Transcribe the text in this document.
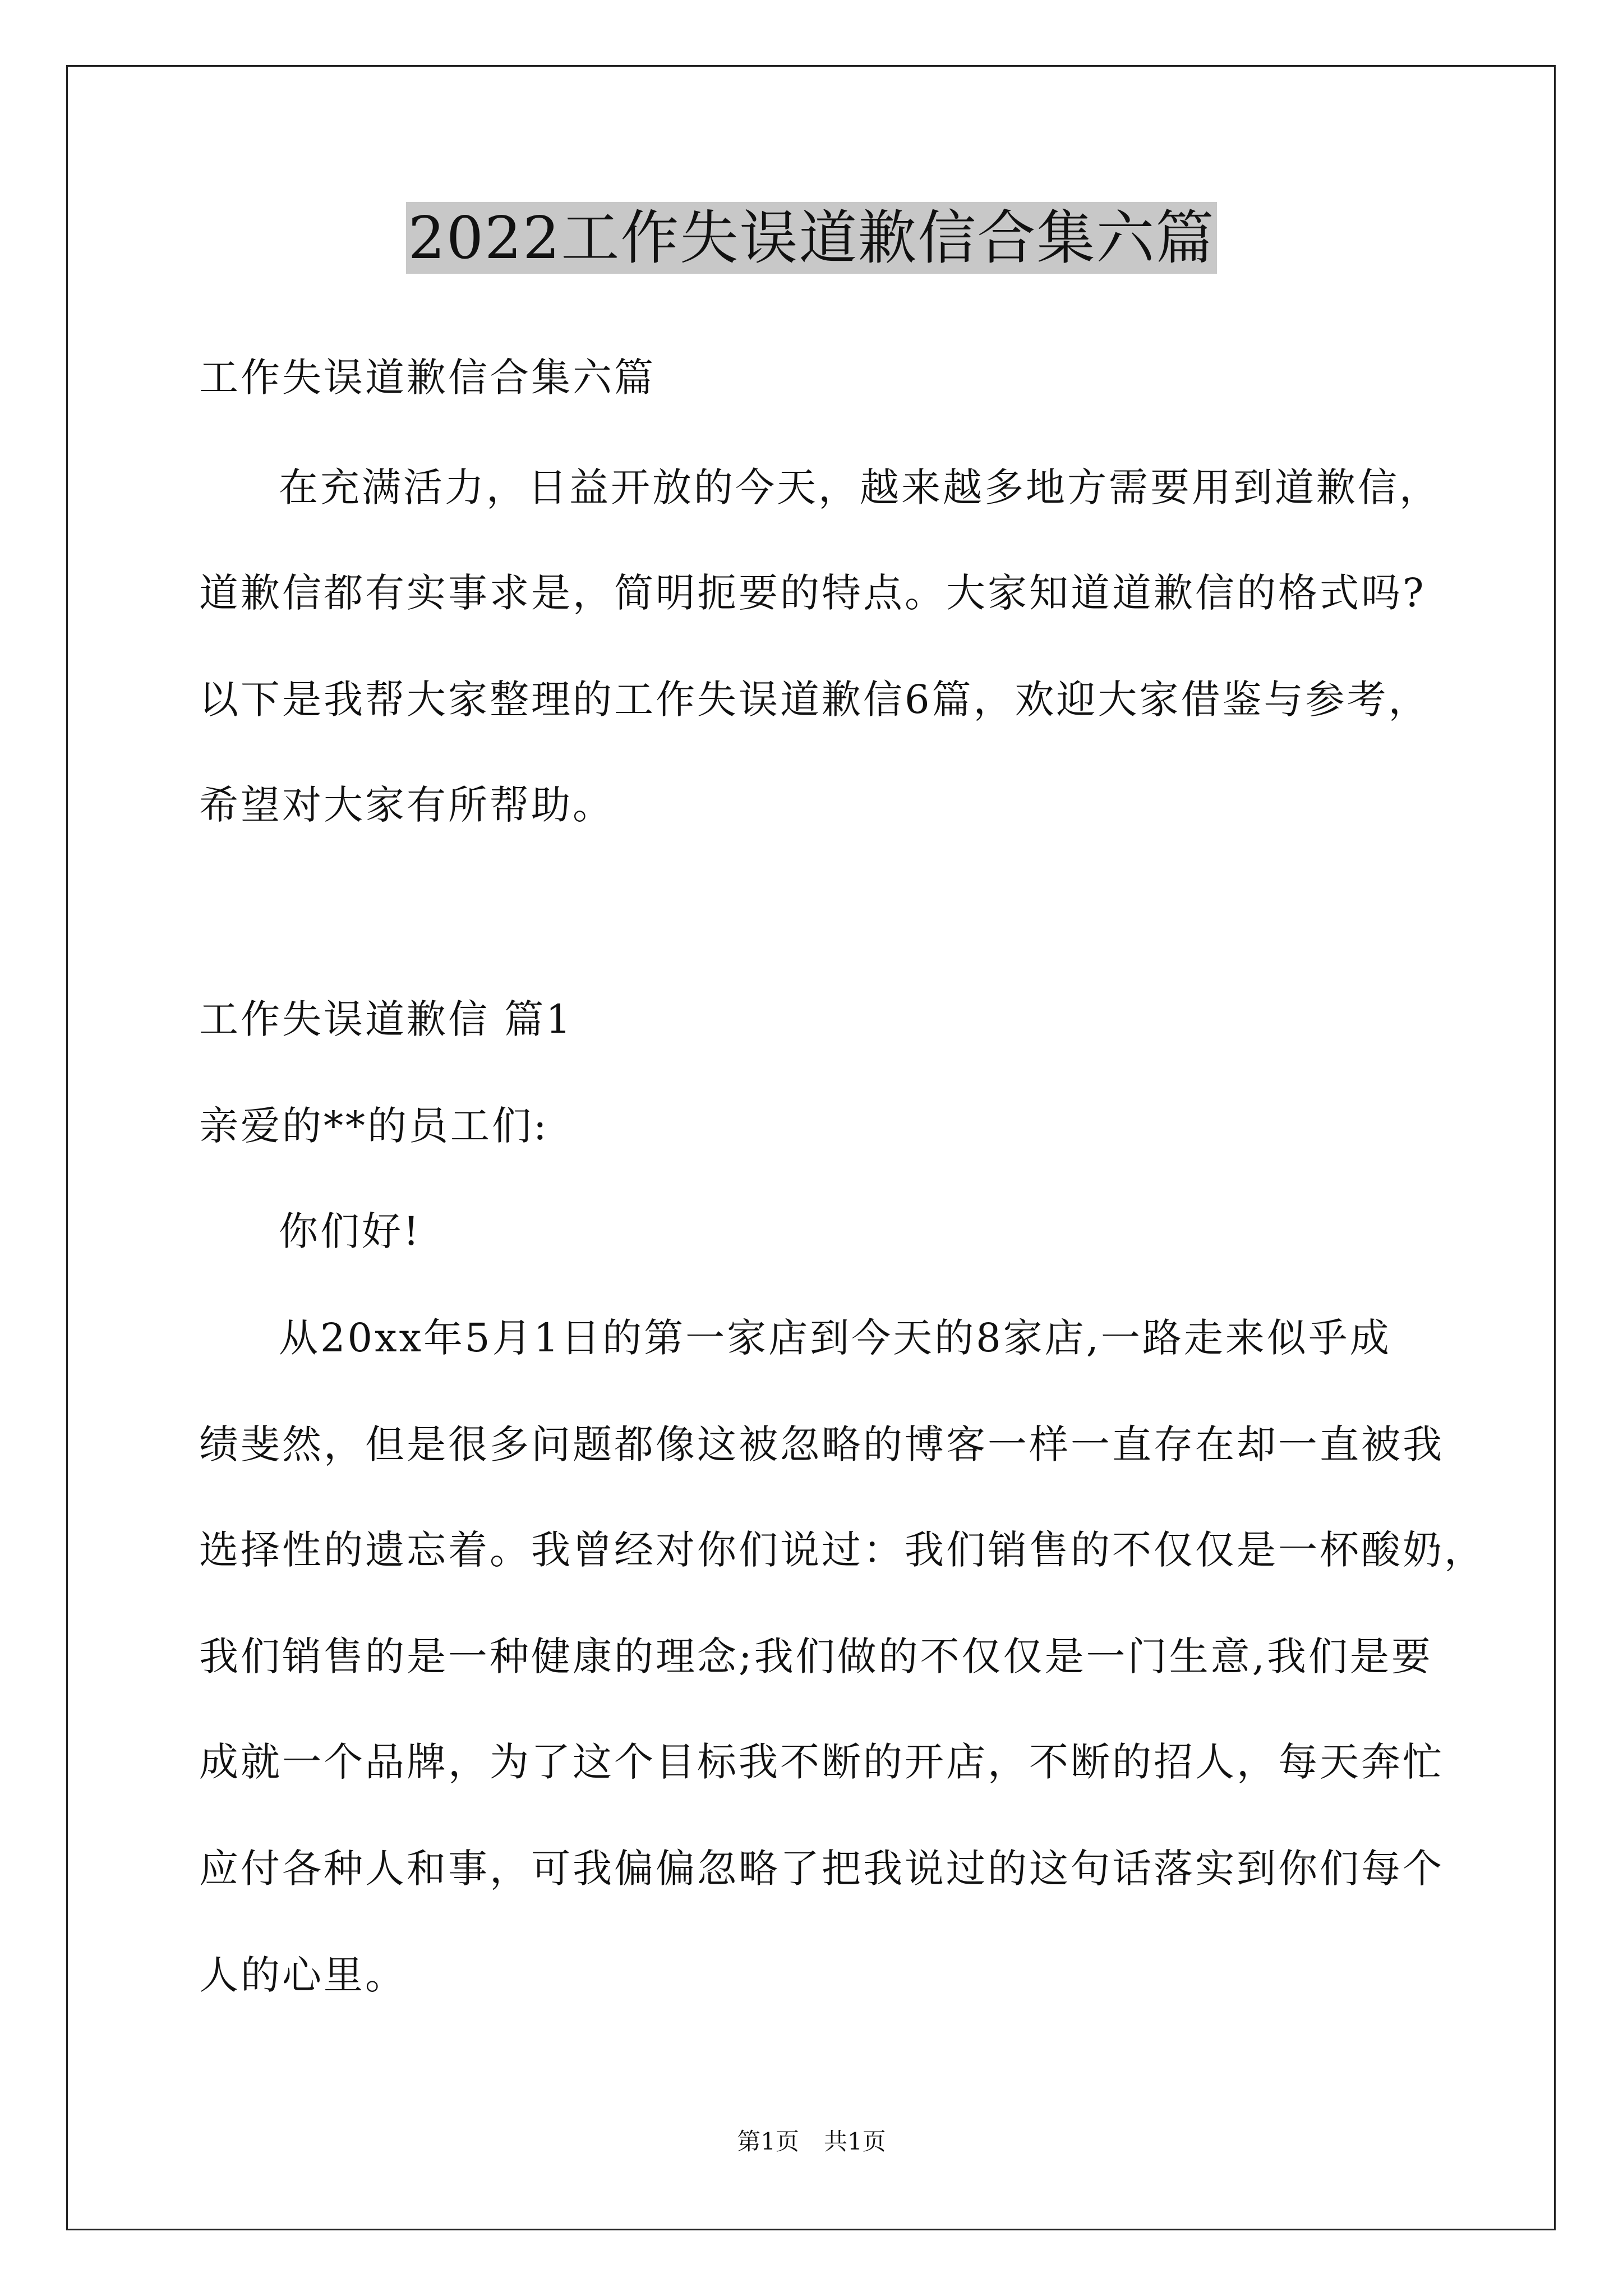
2022工作失误道歉信合集六篇
工作失误道歉信合集六篇
在充满活力，日益开放的今天，越来越多地方需要用到道歉信，
道歉信都有实事求是，简明扼要的特点。大家知道道歉信的格式吗?
以下是我帮大家整理的工作失误道歉信6篇，欢迎大家借鉴与参考，
希望对大家有所帮助。
工作失误道歉信 篇1
亲爱的**的员工们:
你们好!
从20xx年5月1日的第一家店到今天的8家店,一路走来似乎成
绩斐然，但是很多问题都像这被忽略的博客一样一直存在却一直被我
选择性的遗忘着。我曾经对你们说过：我们销售的不仅仅是一杯酸奶，
我们销售的是一种健康的理念;我们做的不仅仅是一门生意,我们是要
成就一个品牌，为了这个目标我不断的开店，不断的招人，每天奔忙
应付各种人和事，可我偏偏忽略了把我说过的这句话落实到你们每个
人的心里。
第1页 共1页
